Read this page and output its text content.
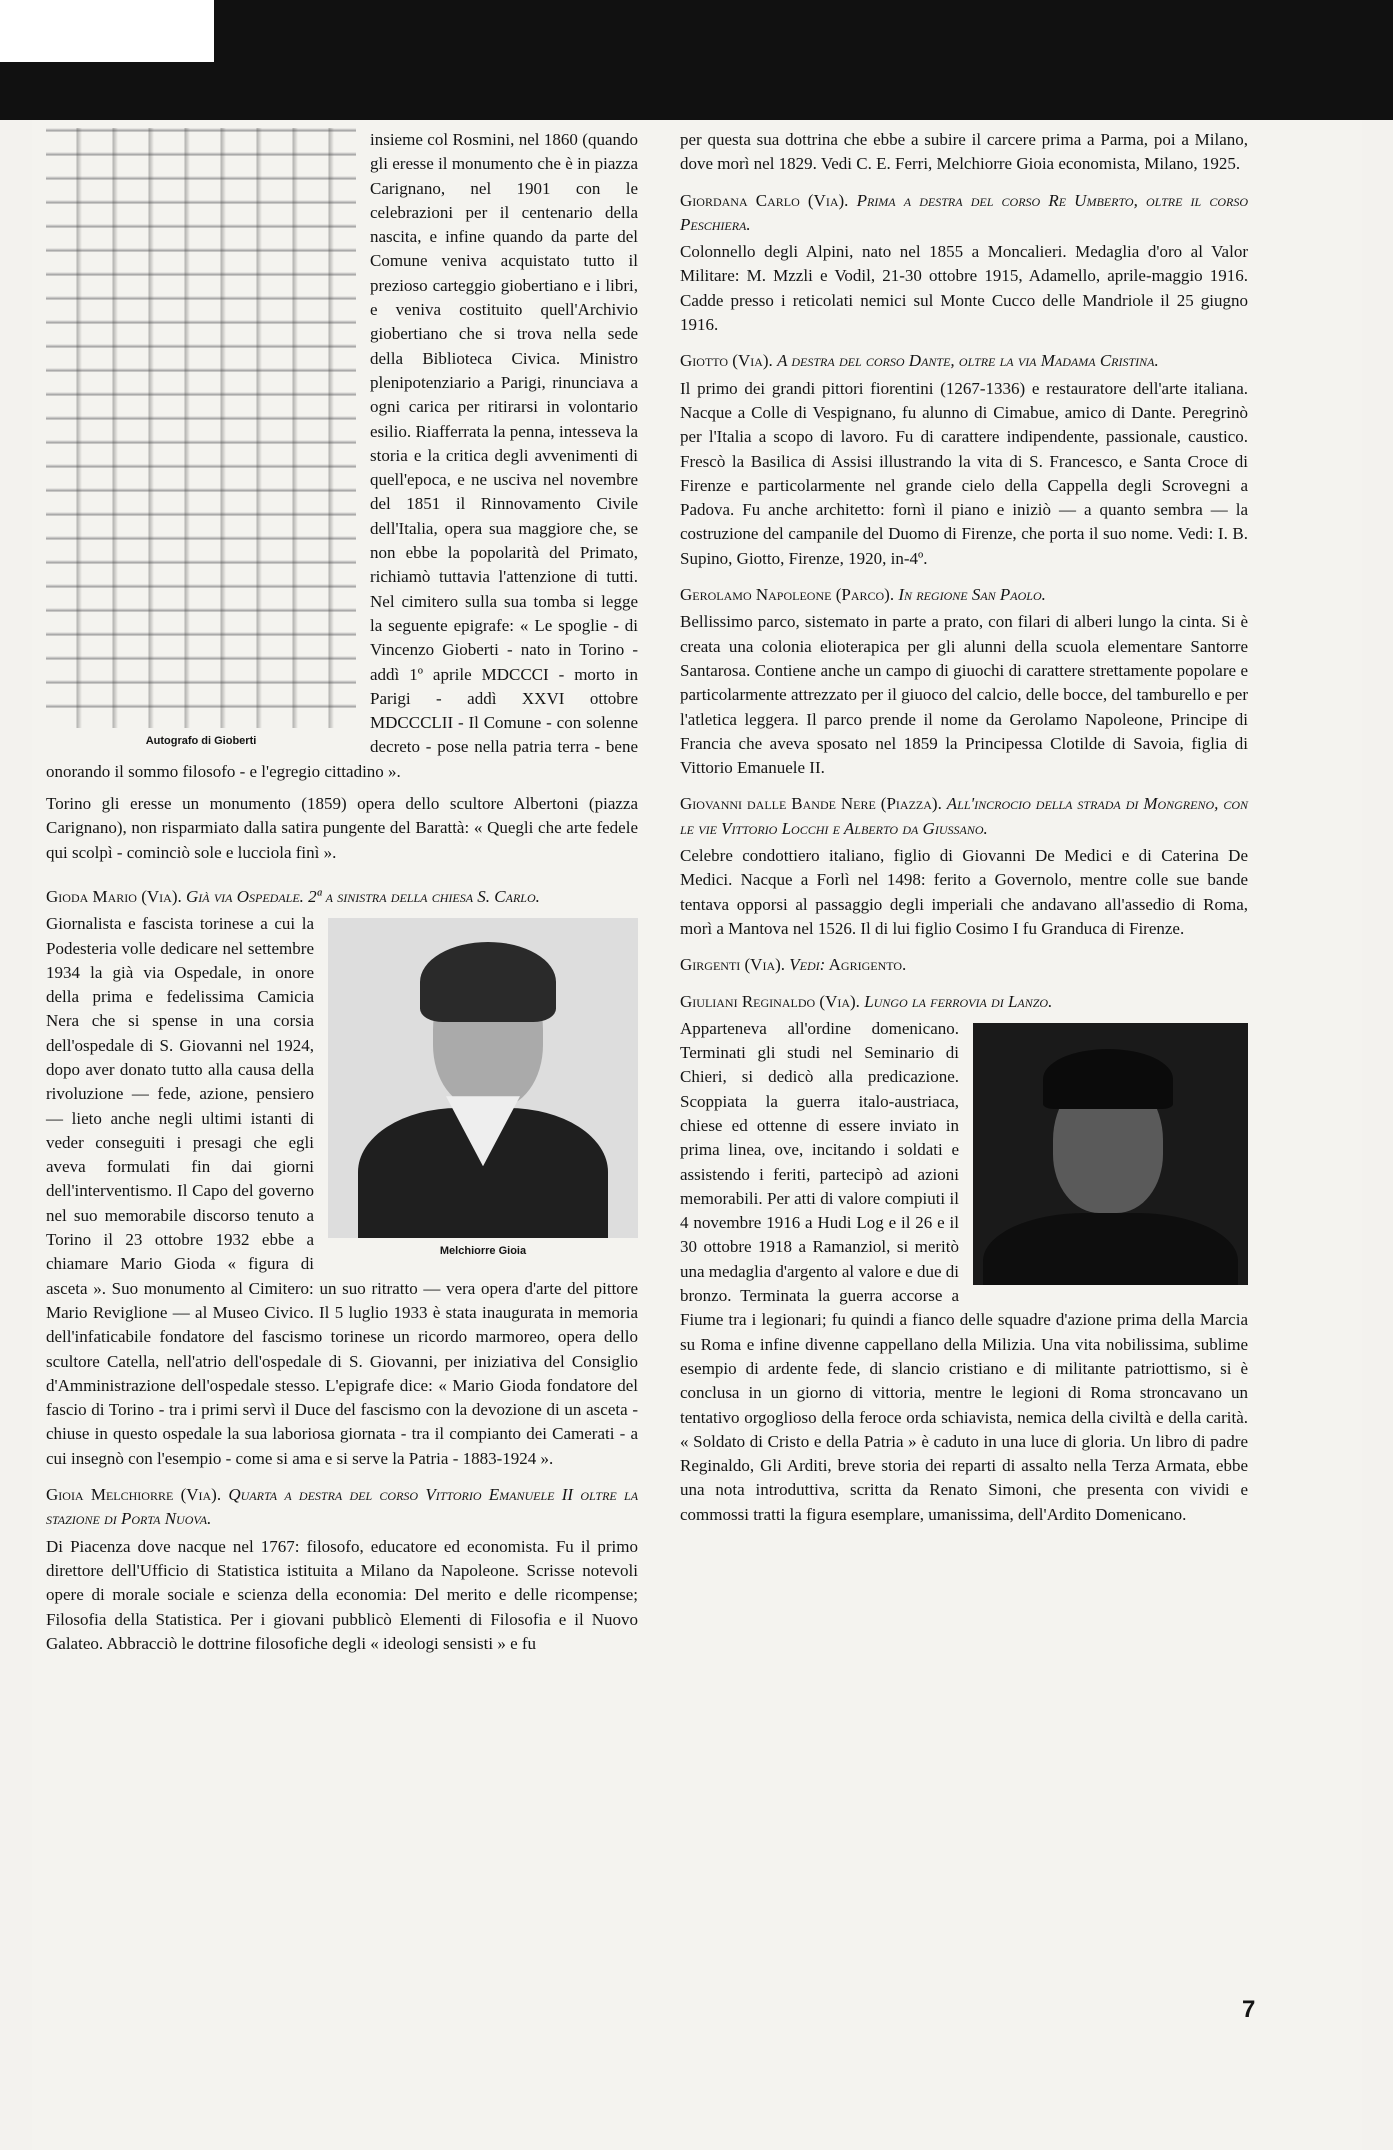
Autografo di Gioberti

insieme col Rosmini, nel 1860 (quando gli eresse il monumento che è in piazza Carignano, nel 1901 con le celebrazioni per il centenario della nascita, e infine quando da parte del Comune veniva acquistato tutto il prezioso carteggio giobertiano e i libri, e veniva costituito quell'Archivio giobertiano che si trova nella sede della Biblioteca Civica. Ministro plenipotenziario a Parigi, rinunciava a ogni carica per ritirarsi in volontario esilio. Riafferrata la penna, intesseva la storia e la critica degli avvenimenti di quell'epoca, e ne usciva nel novembre del 1851 il Rinnovamento Civile dell'Italia, opera sua maggiore che, se non ebbe la popolarità del Primato, richiamò tuttavia l'attenzione di tutti. Nel cimitero sulla sua tomba si legge la seguente epigrafe: « Le spoglie - di Vincenzo Gioberti - nato in Torino - addì 1º aprile MDCCCI - morto in Parigi - addì XXVI ottobre MDCCCLII - Il Comune - con solenne decreto - pose nella patria terra - bene onorando il sommo filosofo - e l'egregio cittadino ».

Torino gli eresse un monumento (1859) opera dello scultore Albertoni (piazza Carignano), non risparmiato dalla satira pungente del Barattà: « Quegli che arte fedele qui scolpì - cominciò sole e lucciola finì ».

Gioda Mario (Via). Già via Ospedale. 2ª a sinistra della chiesa S. Carlo.
Melchiorre Gioia

Giornalista e fascista torinese a cui la Podesteria volle dedicare nel settembre 1934 la già via Ospedale, in onore della prima e fedelissima Camicia Nera che si spense in una corsia dell'ospedale di S. Giovanni nel 1924, dopo aver donato tutto alla causa della rivoluzione — fede, azione, pensiero — lieto anche negli ultimi istanti di veder conseguiti i presagi che egli aveva formulati fin dai giorni dell'interventismo. Il Capo del governo nel suo memorabile discorso tenuto a Torino il 23 ottobre 1932 ebbe a chiamare Mario Gioda « figura di asceta ». Suo monumento al Cimitero: un suo ritratto — vera opera d'arte del pittore Mario Reviglione — al Museo Civico. Il 5 luglio 1933 è stata inaugurata in memoria dell'infaticabile fondatore del fascismo torinese un ricordo marmoreo, opera dello scultore Catella, nell'atrio dell'ospedale di S. Giovanni, per iniziativa del Consiglio d'Amministrazione dell'ospedale stesso. L'epigrafe dice: « Mario Gioda fondatore del fascio di Torino - tra i primi servì il Duce del fascismo con la devozione di un asceta - chiuse in questo ospedale la sua laboriosa giornata - tra il compianto dei Camerati - a cui insegnò con l'esempio - come si ama e si serve la Patria - 1883-1924 ».

Gioia Melchiorre (Via). Quarta a destra del corso Vittorio Emanuele II oltre la stazione di Porta Nuova.

Di Piacenza dove nacque nel 1767: filosofo, educatore ed economista. Fu il primo direttore dell'Ufficio di Statistica istituita a Milano da Napoleone. Scrisse notevoli opere di morale sociale e scienza della economia: Del merito e delle ricompense; Filosofia della Statistica. Per i giovani pubblicò Elementi di Filosofia e il Nuovo Galateo. Abbracciò le dottrine filosofiche degli « ideologi sensisti » e fu

per questa sua dottrina che ebbe a subire il carcere prima a Parma, poi a Milano, dove morì nel 1829. Vedi C. E. Ferri, Melchiorre Gioia economista, Milano, 1925.

Giordana Carlo (Via). Prima a destra del corso Re Umberto, oltre il corso Peschiera.

Colonnello degli Alpini, nato nel 1855 a Moncalieri. Medaglia d'oro al Valor Militare: M. Mzzli e Vodil, 21-30 ottobre 1915, Adamello, aprile-maggio 1916. Cadde presso i reticolati nemici sul Monte Cucco delle Mandriole il 25 giugno 1916.

Giotto (Via). A destra del corso Dante, oltre la via Madama Cristina.

Il primo dei grandi pittori fiorentini (1267-1336) e restauratore dell'arte italiana. Nacque a Colle di Vespignano, fu alunno di Cimabue, amico di Dante. Peregrinò per l'Italia a scopo di lavoro. Fu di carattere indipendente, passionale, caustico. Frescò la Basilica di Assisi illustrando la vita di S. Francesco, e Santa Croce di Firenze e particolarmente nel grande cielo della Cappella degli Scrovegni a Padova. Fu anche architetto: fornì il piano e iniziò — a quanto sembra — la costruzione del campanile del Duomo di Firenze, che porta il suo nome. Vedi: I. B. Supino, Giotto, Firenze, 1920, in-4º.

Gerolamo Napoleone (Parco). In regione San Paolo.

Bellissimo parco, sistemato in parte a prato, con filari di alberi lungo la cinta. Si è creata una colonia elioterapica per gli alunni della scuola elementare Santorre Santarosa. Contiene anche un campo di giuochi di carattere strettamente popolare e particolarmente attrezzato per il giuoco del calcio, delle bocce, del tamburello e per l'atletica leggera. Il parco prende il nome da Gerolamo Napoleone, Principe di Francia che aveva sposato nel 1859 la Principessa Clotilde di Savoia, figlia di Vittorio Emanuele II.

Giovanni dalle Bande Nere (Piazza). All'incrocio della strada di Mongreno, con le vie Vittorio Locchi e Alberto da Giussano.

Celebre condottiero italiano, figlio di Giovanni De Medici e di Caterina De Medici. Nacque a Forlì nel 1498: ferito a Governolo, mentre colle sue bande tentava opporsi al passaggio degli imperiali che andavano all'assedio di Roma, morì a Mantova nel 1526. Il di lui figlio Cosimo I fu Granduca di Firenze.

Girgenti (Via). Vedi: Agrigento.
Giuliani Reginaldo (Via). Lungo la ferrovia di Lanzo.

Apparteneva all'ordine domenicano. Terminati gli studi nel Seminario di Chieri, si dedicò alla predicazione. Scoppiata la guerra italo-austriaca, chiese ed ottenne di essere inviato in prima linea, ove, incitando i soldati e assistendo i feriti, partecipò ad azioni memorabili. Per atti di valore compiuti il 4 novembre 1916 a Hudi Log e il 26 e il 30 ottobre 1918 a Ramanziol, si meritò una medaglia d'argento al valore e due di bronzo. Terminata la guerra accorse a Fiume tra i legionari; fu quindi a fianco delle squadre d'azione prima della Marcia su Roma e infine divenne cappellano della Milizia. Una vita nobilissima, sublime esempio di ardente fede, di slancio cristiano e di militante patriottismo, si è conclusa in un giorno di vittoria, mentre le legioni di Roma stroncavano un tentativo orgoglioso della feroce orda schiavista, nemica della civiltà e della carità. « Soldato di Cristo e della Patria » è caduto in una luce di gloria. Un libro di padre Reginaldo, Gli Arditi, breve storia dei reparti di assalto nella Terza Armata, ebbe una nota introduttiva, scritta da Renato Simoni, che presenta con vividi e commossi tratti la figura esemplare, umanissima, dell'Ardito Domenicano.

7
